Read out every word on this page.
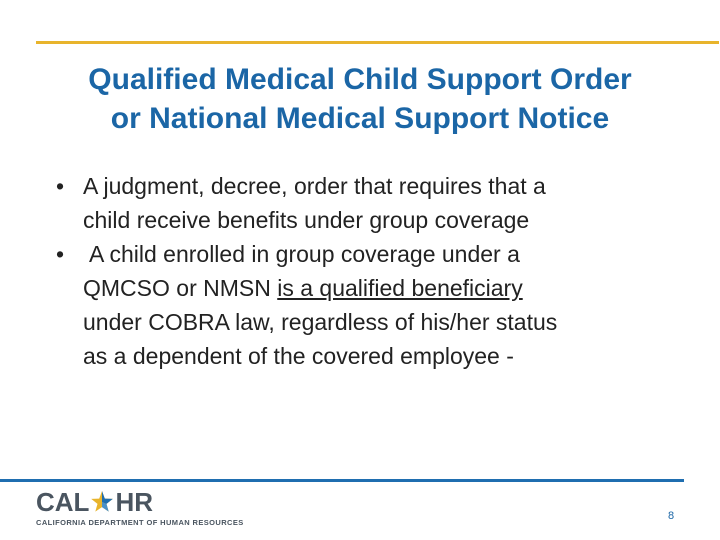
Qualified Medical Child Support Order
or National Medical Support Notice
• A judgment, decree, order that requires that a
child receive benefits under group coverage
•	A child enrolled in group coverage under a
QMCSO or NMSN is a qualified beneficiary
under COBRA law, regardless of his/her status
as a dependent of the covered employee -
CAL HR
CALIFORNIA DEPARTMENT OF HUMAN RESOURCES
8
